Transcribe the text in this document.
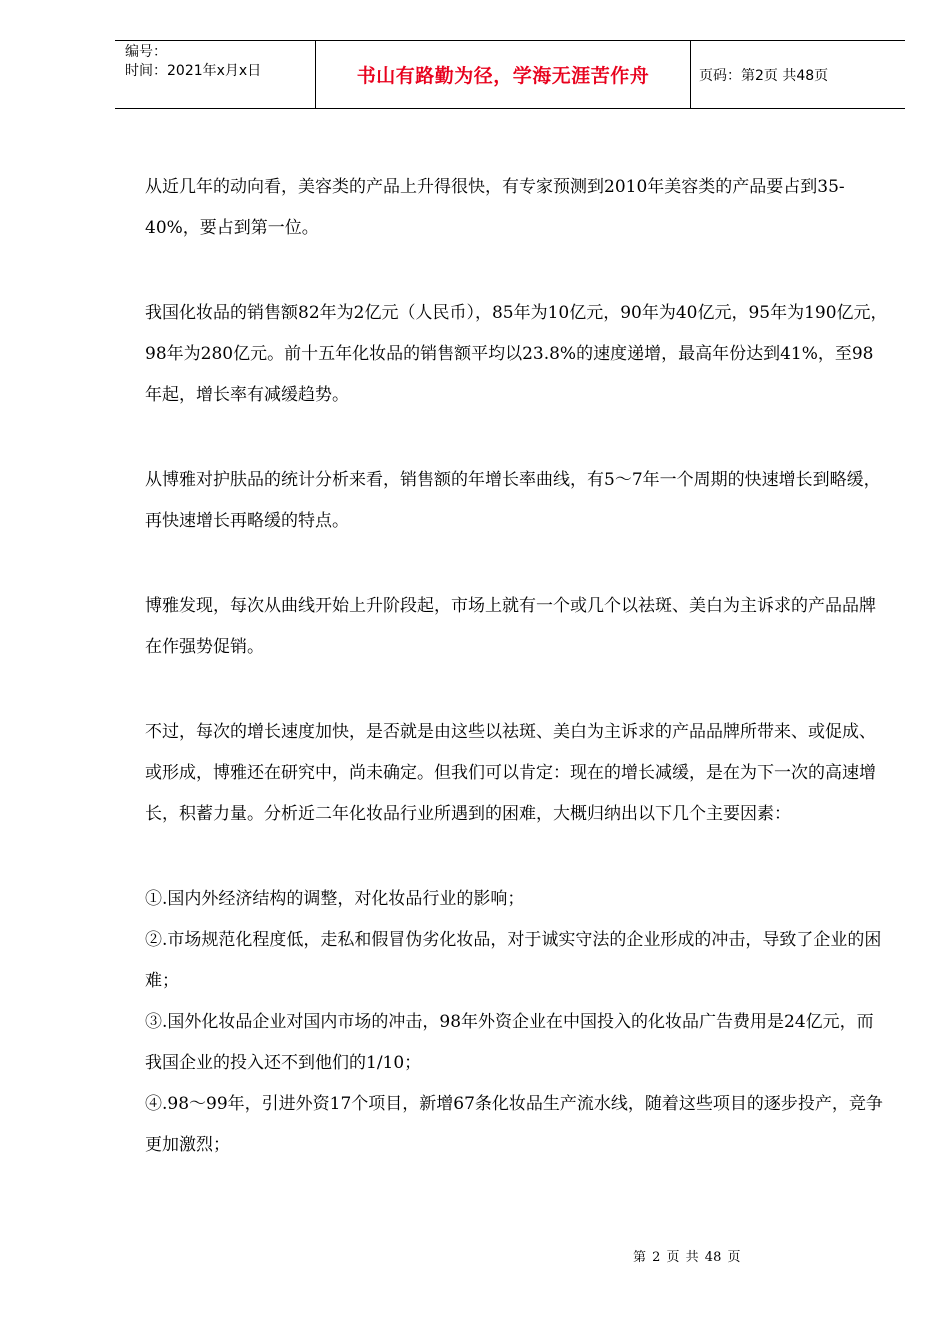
编号：
时间：2021年x月x日	书山有路勤为径，学海无涯苦作舟	页码：第2页 共48页

从近几年的动向看，美容类的产品上升得很快，有专家预测到2010年美容类的产品要占到35-40%，要占到第一位。

我国化妆品的销售额82年为2亿元（人民币），85年为10亿元，90年为40亿元，95年为190亿元，98年为280亿元。前十五年化妆品的销售额平均以23.8%的速度递增，最高年份达到41%，至98年起，增长率有减缓趋势。

从博雅对护肤品的统计分析来看，销售额的年增长率曲线，有5～7年一个周期的快速增长到略缓，再快速增长再略缓的特点。

博雅发现，每次从曲线开始上升阶段起，市场上就有一个或几个以祛斑、美白为主诉求的产品品牌在作强势促销。

不过，每次的增长速度加快，是否就是由这些以祛斑、美白为主诉求的产品品牌所带来、或促成、或形成，博雅还在研究中，尚未确定。但我们可以肯定：现在的增长减缓，是在为下一次的高速增长，积蓄力量。分析近二年化妆品行业所遇到的困难，大概归纳出以下几个主要因素：

①.国内外经济结构的调整，对化妆品行业的影响；
②.市场规范化程度低，走私和假冒伪劣化妆品，对于诚实守法的企业形成的冲击，导致了企业的困难；
③.国外化妆品企业对国内市场的冲击，98年外资企业在中国投入的化妆品广告费用是24亿元，而我国企业的投入还不到他们的1/10；
④.98～99年，引进外资17个项目，新增67条化妆品生产流水线，随着这些项目的逐步投产，竞争更加激烈；
第 2 页 共 48 页
